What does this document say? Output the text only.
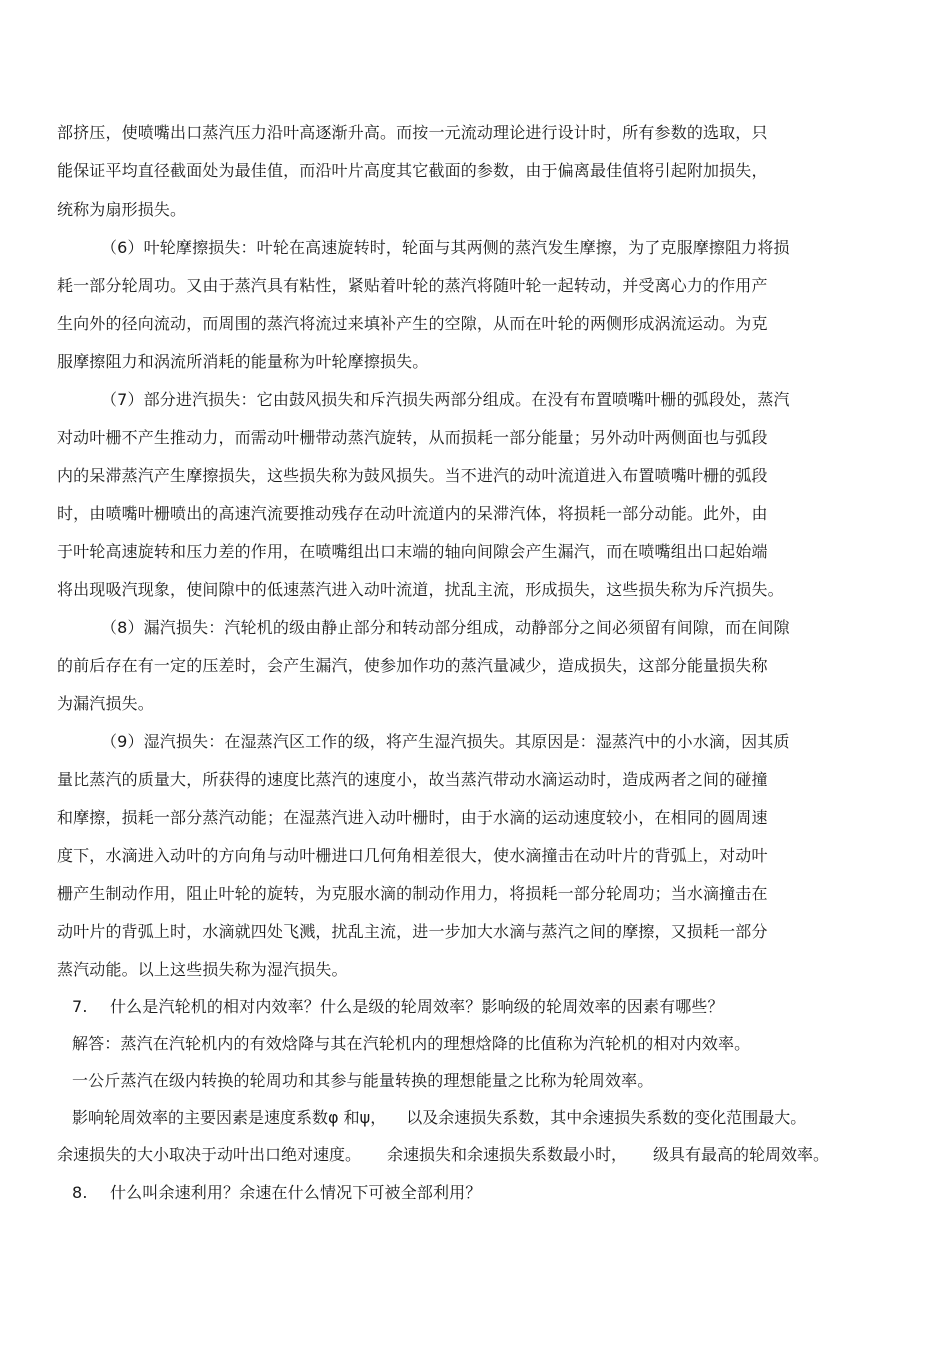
部挤压，使喷嘴出口蒸汽压力沿叶高逐渐升高。而按一元流动理论进行设计时，所有参数的选取，只
能保证平均直径截面处为最佳值，而沿叶片高度其它截面的参数，由于偏离最佳值将引起附加损失，
统称为扇形损失。
（6）叶轮摩擦损失：叶轮在高速旋转时，轮面与其两侧的蒸汽发生摩擦，为了克服摩擦阻力将损
耗一部分轮周功。又由于蒸汽具有粘性，紧贴着叶轮的蒸汽将随叶轮一起转动，并受离心力的作用产
生向外的径向流动，而周围的蒸汽将流过来填补产生的空隙，从而在叶轮的两侧形成涡流运动。为克
服摩擦阻力和涡流所消耗的能量称为叶轮摩擦损失。
（7）部分进汽损失：它由鼓风损失和斥汽损失两部分组成。在没有布置喷嘴叶栅的弧段处，蒸汽
对动叶栅不产生推动力，而需动叶栅带动蒸汽旋转，从而损耗一部分能量；另外动叶两侧面也与弧段
内的呆滞蒸汽产生摩擦损失，这些损失称为鼓风损失。当不进汽的动叶流道进入布置喷嘴叶栅的弧段
时，由喷嘴叶栅喷出的高速汽流要推动残存在动叶流道内的呆滞汽体，将损耗一部分动能。此外，由
于叶轮高速旋转和压力差的作用，在喷嘴组出口末端的轴向间隙会产生漏汽，而在喷嘴组出口起始端
将出现吸汽现象，使间隙中的低速蒸汽进入动叶流道，扰乱主流，形成损失，这些损失称为斥汽损失。
（8）漏汽损失：汽轮机的级由静止部分和转动部分组成，动静部分之间必须留有间隙，而在间隙
的前后存在有一定的压差时，会产生漏汽，使参加作功的蒸汽量减少，造成损失，这部分能量损失称
为漏汽损失。
（9）湿汽损失：在湿蒸汽区工作的级，将产生湿汽损失。其原因是：湿蒸汽中的小水滴，因其质
量比蒸汽的质量大，所获得的速度比蒸汽的速度小，故当蒸汽带动水滴运动时，造成两者之间的碰撞
和摩擦，损耗一部分蒸汽动能；在湿蒸汽进入动叶栅时，由于水滴的运动速度较小，在相同的圆周速
度下，水滴进入动叶的方向角与动叶栅进口几何角相差很大，使水滴撞击在动叶片的背弧上，对动叶
栅产生制动作用，阻止叶轮的旋转，为克服水滴的制动作用力，将损耗一部分轮周功；当水滴撞击在
动叶片的背弧上时，水滴就四处飞溅，扰乱主流，进一步加大水滴与蒸汽之间的摩擦，又损耗一部分
蒸汽动能。以上这些损失称为湿汽损失。
7. 什么是汽轮机的相对内效率？什么是级的轮周效率？影响级的轮周效率的因素有哪些？
解答：蒸汽在汽轮机内的有效焓降与其在汽轮机内的理想焓降的比值称为汽轮机的相对内效率。
一公斤蒸汽在级内转换的轮周功和其参与能量转换的理想能量之比称为轮周效率。
影响轮周效率的主要因素是速度系数φ 和ψ， 以及余速损失系数，其中余速损失系数的变化范围最大。
余速损失的大小取决于动叶出口绝对速度。 余速损失和余速损失系数最小时， 级具有最高的轮周效率。
8. 什么叫余速利用？余速在什么情况下可被全部利用？
